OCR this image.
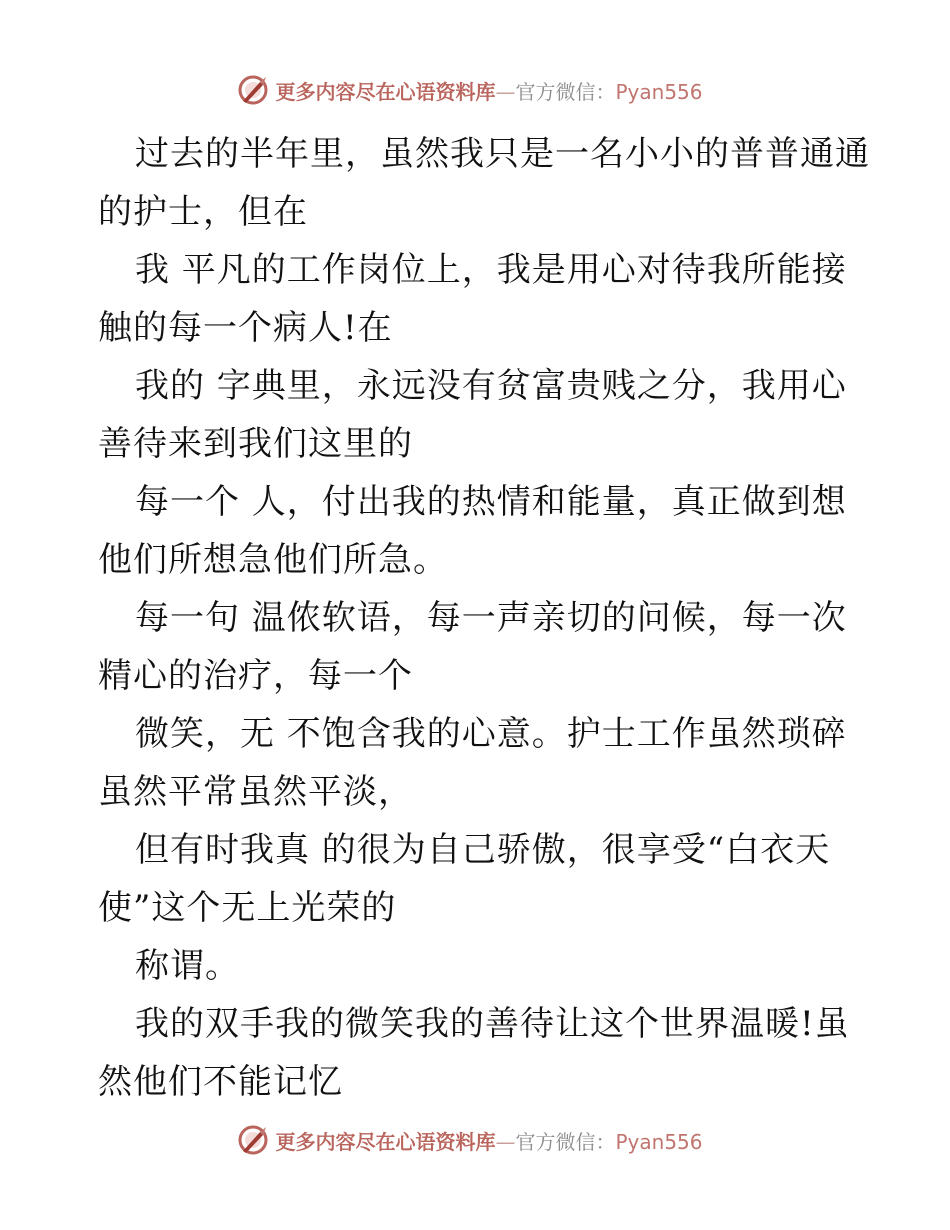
更多内容尽在心语资料库—官方微信：Pyan556
过去的半年里，虽然我只是一名小小的普普通通
的护士，但在
我 平凡的工作岗位上，我是用心对待我所能接
触的每一个病人!在
我的 字典里，永远没有贫富贵贱之分，我用心
善待来到我们这里的
每一个 人，付出我的热情和能量，真正做到想
他们所想急他们所急。
每一句 温侬软语，每一声亲切的问候，每一次
精心的治疗，每一个
微笑，无 不饱含我的心意。护士工作虽然琐碎
虽然平常虽然平淡，
但有时我真 的很为自己骄傲，很享受“白衣天
使”这个无上光荣的
称谓。
我的双手我的微笑我的善待让这个世界温暖!虽
然他们不能记忆
更多内容尽在心语资料库—官方微信：Pyan556
